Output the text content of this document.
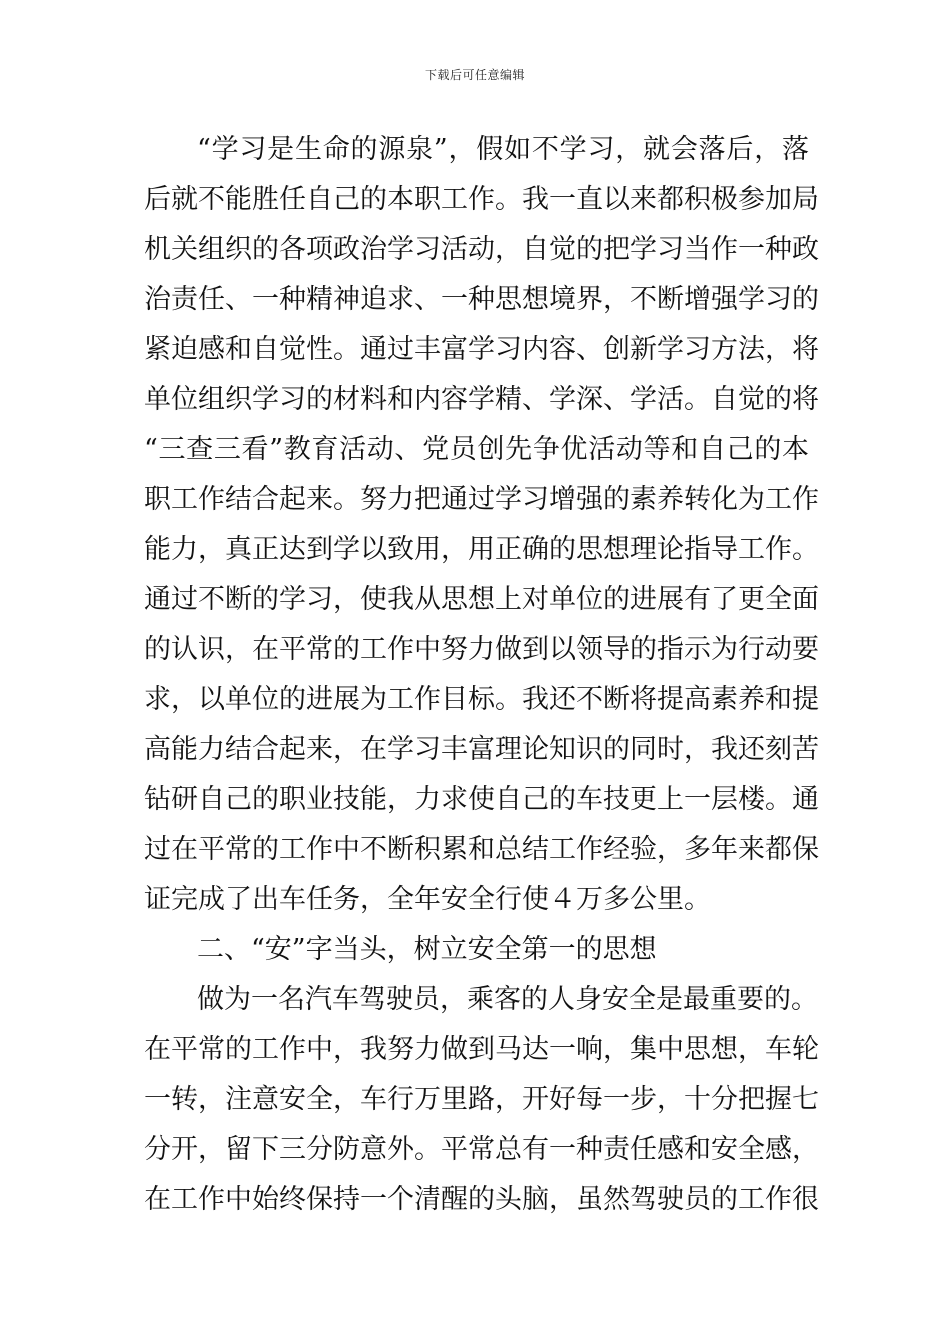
下载后可任意编辑
“学习是生命的源泉”，假如不学习，就会落后，落
后就不能胜任自己的本职工作。我一直以来都积极参加局
机关组织的各项政治学习活动，自觉的把学习当作一种政
治责任、一种精神追求、一种思想境界，不断增强学习的
紧迫感和自觉性。通过丰富学习内容、创新学习方法，将
单位组织学习的材料和内容学精、学深、学活。自觉的将
“三查三看”教育活动、党员创先争优活动等和自己的本
职工作结合起来。努力把通过学习增强的素养转化为工作
能力，真正达到学以致用，用正确的思想理论指导工作。
通过不断的学习，使我从思想上对单位的进展有了更全面
的认识，在平常的工作中努力做到以领导的指示为行动要
求，以单位的进展为工作目标。我还不断将提高素养和提
高能力结合起来，在学习丰富理论知识的同时，我还刻苦
钻研自己的职业技能，力求使自己的车技更上一层楼。通
过在平常的工作中不断积累和总结工作经验，多年来都保
证完成了出车任务，全年安全行使４万多公里。
二、“安”字当头，树立安全第一的思想
做为一名汽车驾驶员，乘客的人身安全是最重要的。
在平常的工作中，我努力做到马达一响，集中思想，车轮
一转，注意安全，车行万里路，开好每一步，十分把握七
分开，留下三分防意外。平常总有一种责任感和安全感，
在工作中始终保持一个清醒的头脑，虽然驾驶员的工作很
